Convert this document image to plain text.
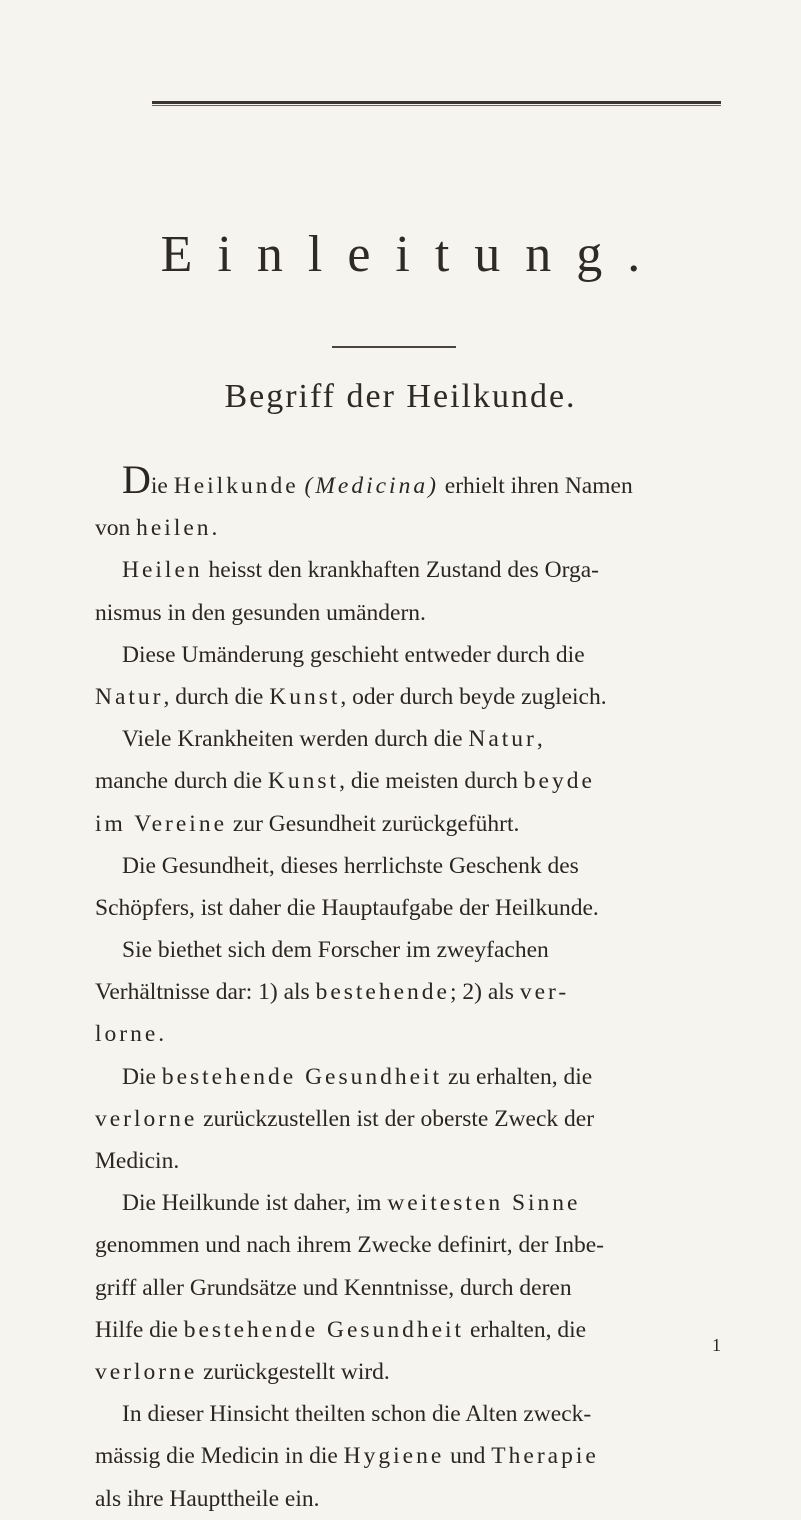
Einleitung.
Begriff der Heilkunde.
Die Heilkunde (Medicina) erhielt ihren Namen
von heilen.
Heilen heisst den krankhaften Zustand des Orga-
nismus in den gesunden umändern.
Diese Umänderung geschieht entweder durch die
Natur, durch die Kunst, oder durch beyde zugleich.
Viele Krankheiten werden durch die Natur,
manche durch die Kunst, die meisten durch beyde
im Vereine zur Gesundheit zurückgeführt.
Die Gesundheit, dieses herrlichste Geschenk des
Schöpfers, ist daher die Hauptaufgabe der Heilkunde.
Sie biethet sich dem Forscher im zweyfachen
Verhältnisse dar: 1) als bestehende; 2) als ver-
lorne.
Die bestehende Gesundheit zu erhalten, die
verlorne zurückzustellen ist der oberste Zweck der
Medicin.
Die Heilkunde ist daher, im weitesten Sinne
genommen und nach ihrem Zwecke definirt, der Inbe-
griff aller Grundsätze und Kenntnisse, durch deren
Hilfe die bestehende Gesundheit erhalten, die
verlorne zurückgestellt wird.
In dieser Hinsicht theilten schon die Alten zweck-
mässig die Medicin in die Hygiene und Therapie
als ihre Haupttheile ein.
1
